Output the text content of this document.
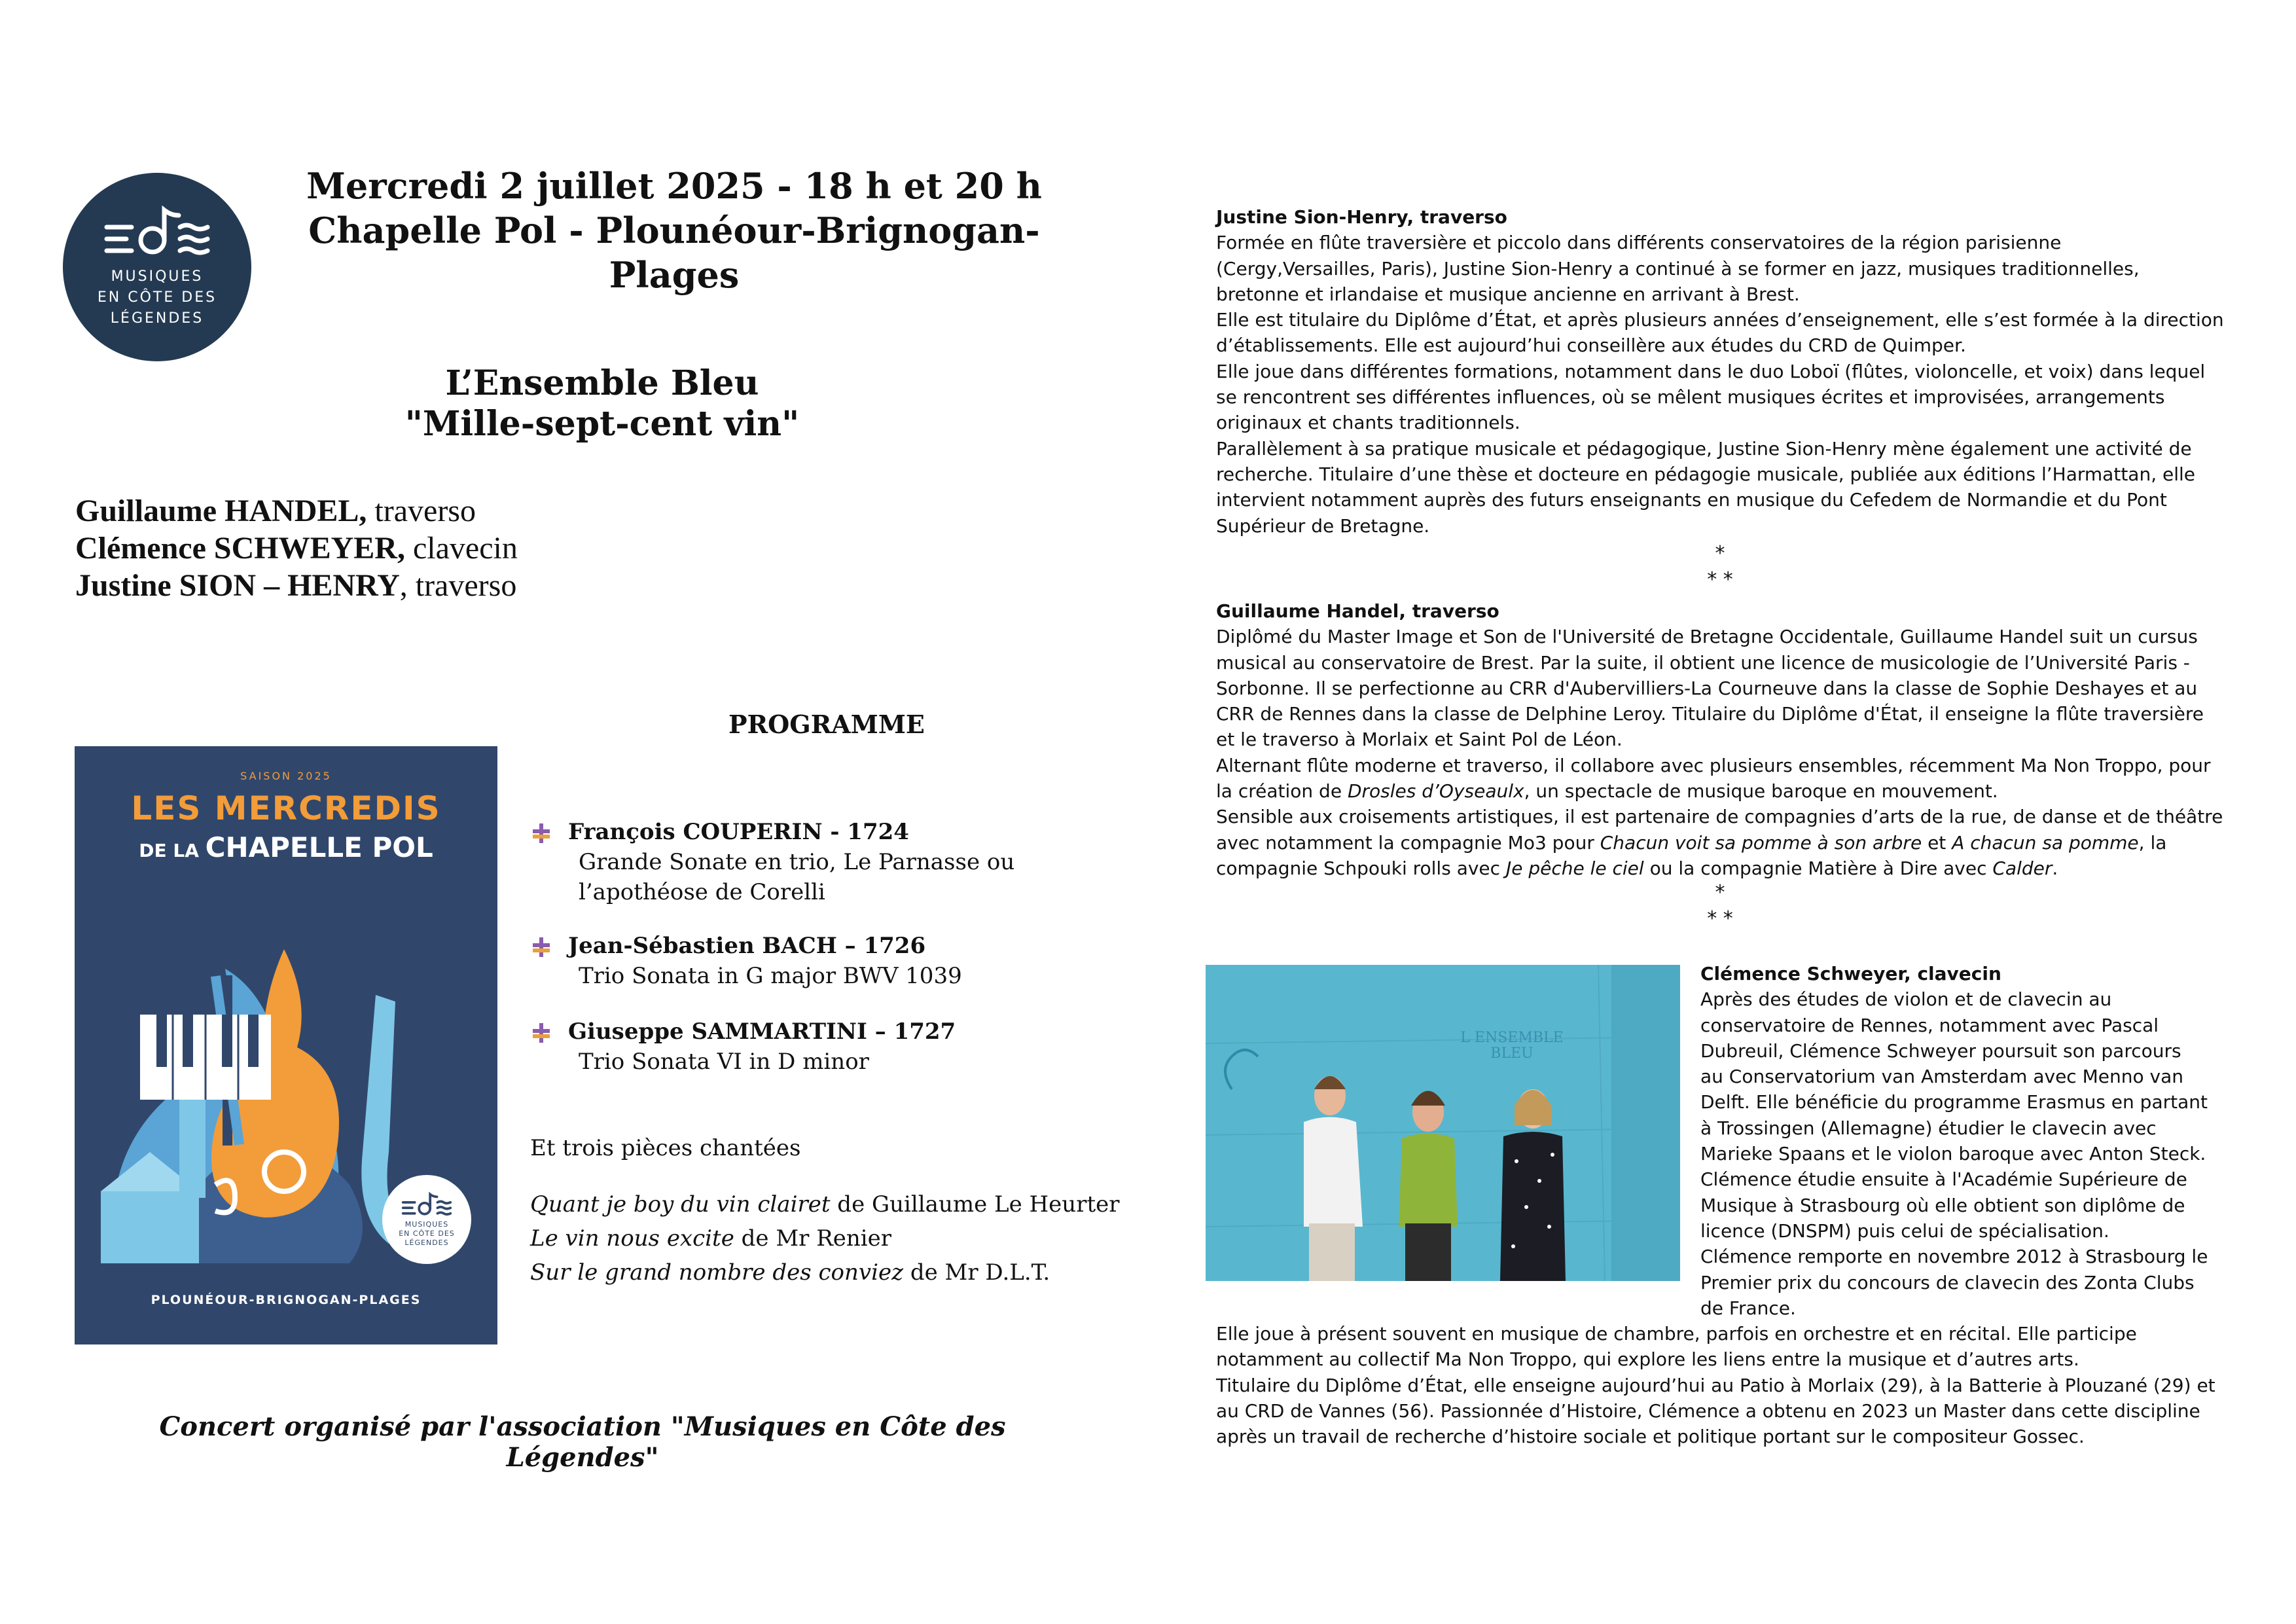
MUSIQUES
EN CÔTE DES
LÉGENDES
Mercredi 2 juillet 2025 - 18 h et 20 h
Chapelle Pol - Plounéour-Brignogan-Plages
L’Ensemble Bleu
"Mille-sept-cent vin"
Guillaume HANDEL, traverso
Clémence SCHWEYER, clavecin
Justine SION – HENRY, traverso
SAISON 2025
LES MERCREDIS
DE LA CHAPELLE POL
MUSIQUES
EN CÔTE DES
LÉGENDES
PLOUNÉOUR-BRIGNOGAN-PLAGES
PROGRAMME
François COUPERIN - 1724
Grande Sonate en trio, Le Parnasse ou
l’apothéose de Corelli
Jean-Sébastien BACH – 1726
Trio Sonata in G major BWV 1039
Giuseppe SAMMARTINI – 1727
Trio Sonata VI in D minor
Et trois pièces chantées
Quant je boy du vin clairet de Guillaume Le Heurter
Le vin nous excite de Mr Renier
Sur le grand nombre des conviez de Mr D.L.T.
Concert organisé par l'association "Musiques en Côte des Légendes"

Justine Sion-Henry, traverso

Formée en flûte traversière et piccolo dans différents conservatoires de la région parisienne (Cergy,Versailles, Paris), Justine Sion-Henry a continué à se former en jazz, musiques traditionnelles, bretonne et irlandaise et musique ancienne en arrivant à Brest.

Elle est titulaire du Diplôme d’État, et après plusieurs années d’enseignement, elle s’est formée à la direction d’établissements. Elle est aujourd’hui conseillère aux études du CRD de Quimper.

Elle joue dans différentes formations, notamment dans le duo Loboï (flûtes, violoncelle, et voix) dans lequel se rencontrent ses différentes influences, où se mêlent musiques écrites et improvisées, arrangements originaux et chants traditionnels.

Parallèlement à sa pratique musicale et pédagogique, Justine Sion-Henry mène également une activité de recherche. Titulaire d’une thèse et docteure en pédagogie musicale, publiée aux éditions l’Harmattan, elle intervient notamment auprès des futurs enseignants en musique du Cefedem de Normandie et du Pont Supérieur de Bretagne.

*
* *

Guillaume Handel, traverso

Diplômé du Master Image et Son de l'Université de Bretagne Occidentale, Guillaume Handel suit un cursus musical au conservatoire de Brest. Par la suite, il obtient une licence de musicologie de l’Université Paris - Sorbonne. Il se perfectionne au CRR d'Aubervilliers-La Courneuve dans la classe de Sophie Deshayes et au CRR de Rennes dans la classe de Delphine Leroy. Titulaire du Diplôme d'État, il enseigne la flûte traversière et le traverso à Morlaix et Saint Pol de Léon.

Alternant flûte moderne et traverso, il collabore avec plusieurs ensembles, récemment Ma Non Troppo, pour la création de Drosles d’Oyseaulx, un spectacle de musique baroque en mouvement.

Sensible aux croisements artistiques, il est partenaire de compagnies d’arts de la rue, de danse et de théâtre avec notamment la compagnie Mo3 pour Chacun voit sa pomme à son arbre et A chacun sa pomme, la compagnie Schpouki rolls avec Je pêche le ciel ou la compagnie Matière à Dire avec Calder.

*
* *
L ENSEMBLE
BLEU
Clémence Schweyer, clavecin
Après des études de violon et de clavecin au
conservatoire de Rennes, notamment avec Pascal
Dubreuil, Clémence Schweyer poursuit son parcours
au Conservatorium van Amsterdam avec Menno van
Delft. Elle bénéficie du programme Erasmus en partant
à Trossingen (Allemagne) étudier le clavecin avec
Marieke Spaans et le violon baroque avec Anton Steck.
Clémence étudie ensuite à l'Académie Supérieure de
Musique à Strasbourg où elle obtient son diplôme de
licence (DNSPM) puis celui de spécialisation.
Clémence remporte en novembre 2012 à Strasbourg le
Premier prix du concours de clavecin des Zonta Clubs
de France.

Elle joue à présent souvent en musique de chambre, parfois en orchestre et en récital. Elle participe notamment au collectif Ma Non Troppo, qui explore les liens entre la musique et d’autres arts.

Titulaire du Diplôme d’État, elle enseigne aujourd’hui au Patio à Morlaix (29), à la Batterie à Plouzané (29) et au CRD de Vannes (56). Passionnée d’Histoire, Clémence a obtenu en 2023 un Master dans cette discipline après un travail de recherche d’histoire sociale et politique portant sur le compositeur Gossec.
